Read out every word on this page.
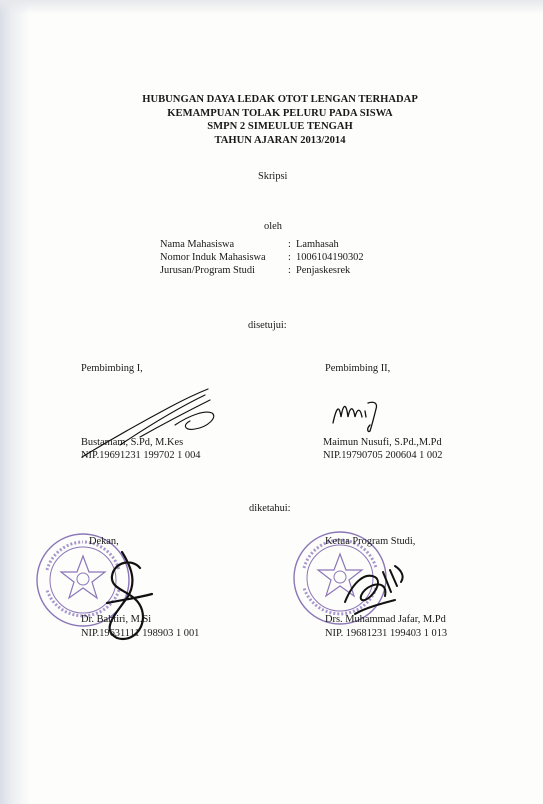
HUBUNGAN DAYA LEDAK OTOT LENGAN TERHADAP
KEMAMPUAN TOLAK PELURU PADA SISWA
SMPN 2 SIMEULUE TENGAH
TAHUN AJARAN 2013/2014
Skripsi
oleh
Nama Mahasiswa	: Lamhasah
Nomor Induk Mahasiswa	: 1006104190302
Jurusan/Program Studi	: Penjaskesrek
disetujui:
Pembimbing I,	Pembimbing II,
Bustamam, S.Pd, M.Kes
NIP.19691231 199702 1 004
Maimun Nusufi, S.Pd.,M.Pd
NIP.19790705 200604 1 002
diketahui:
Dekan,	Ketua Program Studi,
Dr. Bahtiri, M.Si
NIP.19631111 198903 1 001
Drs. Muhammad Jafar, M.Pd
NIP. 19681231 199403 1 013
